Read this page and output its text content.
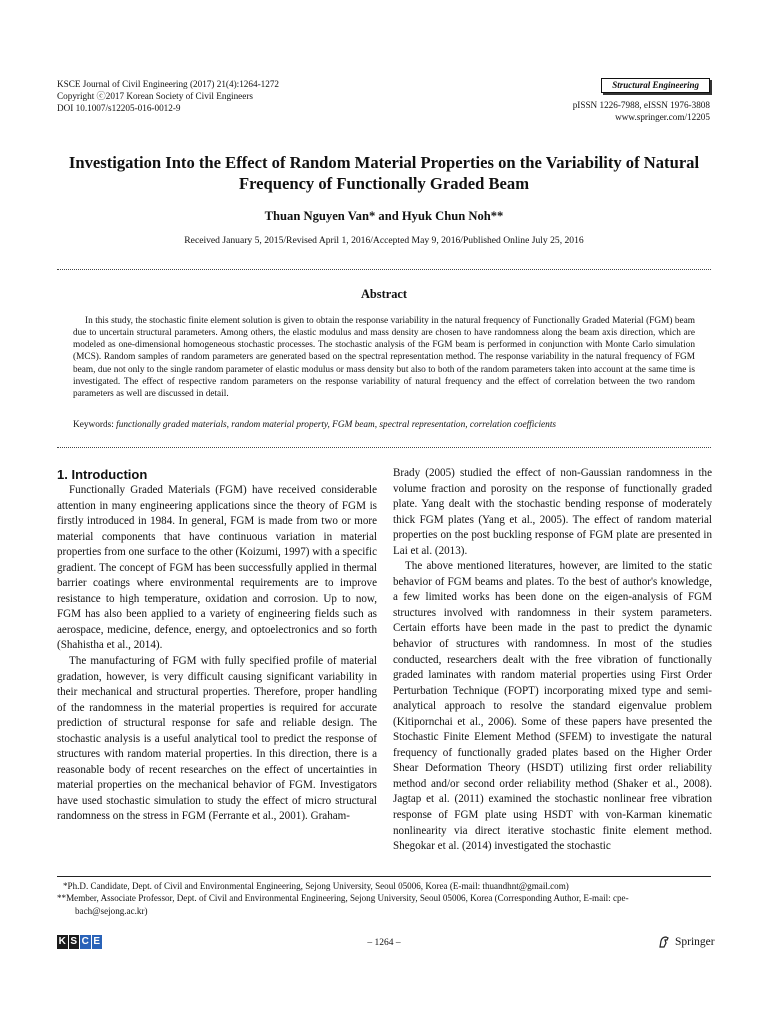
KSCE Journal of Civil Engineering (2017) 21(4):1264-1272
Copyright ⓒ2017 Korean Society of Civil Engineers
DOI 10.1007/s12205-016-0012-9
Structural Engineering
pISSN 1226-7988, eISSN 1976-3808
www.springer.com/12205
Investigation Into the Effect of Random Material Properties on the Variability of Natural Frequency of Functionally Graded Beam
Thuan Nguyen Van* and Hyuk Chun Noh**
Received January 5, 2015/Revised April 1, 2016/Accepted May 9, 2016/Published Online July 25, 2016
Abstract
In this study, the stochastic finite element solution is given to obtain the response variability in the natural frequency of Functionally Graded Material (FGM) beam due to uncertain structural parameters. Among others, the elastic modulus and mass density are chosen to have randomness along the beam axis direction, which are modeled as one-dimensional homogeneous stochastic processes. The stochastic analysis of the FGM beam is performed in conjunction with Monte Carlo simulation (MCS). Random samples of random parameters are generated based on the spectral representation method. The response variability in the natural frequency of FGM beam, due not only to the single random parameter of elastic modulus or mass density but also to both of the random parameters taken into account at the same time is investigated. The effect of respective random parameters on the response variability of natural frequency and the effect of correlation between the two random parameters as well are discussed in detail.
Keywords: functionally graded materials, random material property, FGM beam, spectral representation, correlation coefficients

1. Introduction

Functionally Graded Materials (FGM) have received considerable attention in many engineering applications since the theory of FGM is firstly introduced in 1984. In general, FGM is made from two or more material components that have continuous variation in material properties from one surface to the other (Koizumi, 1997) with a specific gradient. The concept of FGM has been successfully applied in thermal barrier coatings where environmental requirements are to improve resistance to high temperature, oxidation and corrosion. Up to now, FGM has also been applied to a variety of engineering fields such as aerospace, medicine, defence, energy, and optoelectronics and so forth (Shahistha et al., 2014).

The manufacturing of FGM with fully specified profile of material gradation, however, is very difficult causing significant variability in their mechanical and structural properties. Therefore, proper handling of the randomness in the material properties is required for accurate prediction of structural response for safe and reliable design. The stochastic analysis is a useful analytical tool to predict the response of structures with random material properties. In this direction, there is a reasonable body of recent researches on the effect of uncertainties in material properties on the mechanical behavior of FGM. Investigators have used stochastic simulation to study the effect of micro structural randomness on the stress in FGM (Ferrante et al., 2001). Graham-

Brady (2005) studied the effect of non-Gaussian randomness in the volume fraction and porosity on the response of functionally graded plate. Yang dealt with the stochastic bending response of moderately thick FGM plates (Yang et al., 2005). The effect of random material properties on the post buckling response of FGM plate are presented in Lai et al. (2013).

The above mentioned literatures, however, are limited to the static behavior of FGM beams and plates. To the best of author's knowledge, a few limited works has been done on the eigen-analysis of FGM structures involved with randomness in their system parameters. Certain efforts have been made in the past to predict the dynamic behavior of structures with randomness. In most of the studies conducted, researchers dealt with the free vibration of functionally graded laminates with random material properties using First Order Perturbation Technique (FOPT) incorporating mixed type and semi-analytical approach to resolve the standard eigenvalue problem (Kitipornchai et al., 2006). Some of these papers have presented the Stochastic Finite Element Method (SFEM) to investigate the natural frequency of functionally graded plates based on the Higher Order Shear Deformation Theory (HSDT) utilizing first order reliability method and/or second order reliability method (Shaker et al., 2008). Jagtap et al. (2011) examined the stochastic nonlinear free vibration response of FGM plate using HSDT with von-Karman kinematic nonlinearity via direct iterative stochastic finite element method. Shegokar et al. (2014) investigated the stochastic

*Ph.D. Candidate, Dept. of Civil and Environmental Engineering, Sejong University, Seoul 05006, Korea (E-mail: thuandhnt@gmail.com)
**Member, Associate Professor, Dept. of Civil and Environmental Engineering, Sejong University, Seoul 05006, Korea (Corresponding Author, E-mail: cpe-
bach@sejong.ac.kr)
K S C E	– 1264 –	Springer
